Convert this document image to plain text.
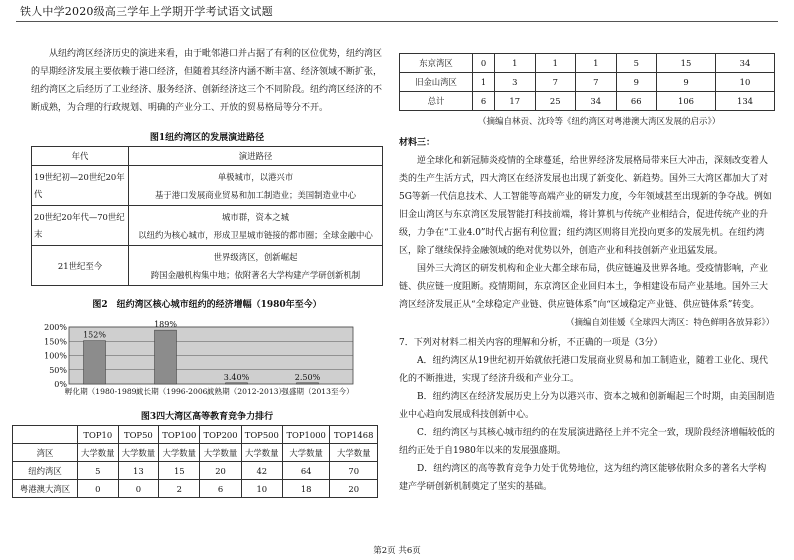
铁人中学2020级高三学年上学期开学考试语文试题
从纽约湾区经济历史的演进来看，由于毗邻港口并占据了有利的区位优势，纽约湾区的早期经济发展主要依赖于港口经济，但随着其经济内涵不断丰富、经济领域不断扩张，纽约湾区之后经历了工业经济、服务经济、创新经济这三个不同阶段。纽约湾区经济的不断成熟，为合理的行政规划、明确的产业分工、开放的贸易格局等分不开。
图1纽约湾区的发展演进路径
年代	演进路径
19世纪初—20世纪20年代	单极城市，以港兴市
基于港口发展商业贸易和加工制造业；美国制造业中心

20世纪20年代—70世纪末	城市群，资本之城
以纽约为核心城市，形成卫星城市链接的都市圈；全球金融中心

21世纪至今	世界级湾区，创新崛起
跨国金融机构集中地；依附著名大学构建产学研创新机制
图2　纽约湾区核心城市纽约的经济增幅（1980年至今）
0%
50%
100%
150%
200%
152%
孵化期（1980-1989）
189%
成长期（1996-2006）
3.40%
成熟期（2012-2013）
2.50%
强盛期（2013至今）
图3四大湾区高等教育竞争力排行
	TOP10	TOP50	TOP100	TOP200	TOP500	TOP1000	TOP1468
湾区	大学数量	大学数量	大学数量	大学数量	大学数量	大学数量	大学数量
纽约湾区	5	13	15	20	42	64	70
粤港澳大湾区	0	0	2	6	10	18	20
东京湾区	0	1	1	1	5	15	34
旧金山湾区	1	3	7	7	9	9	10
总计	6	17	25	34	66	106	134
（摘编自林贡、沈玲等《纽约湾区对粤港澳大湾区发展的启示》）
材料三：
逆全球化和新冠肺炎疫情的全球蔓延，给世界经济发展格局带来巨大冲击，深刻改变着人类的生产生活方式，四大湾区在经济发展也出现了新变化、新趋势。国外三大湾区都加大了对5G等新一代信息技术、人工智能等高端产业的研发力度，今年领域甚至出现新的争夺战。例如旧金山湾区与东京湾区发展智能打科技前端，将计算机与传统产业相结合，促进传统产业的升级，力争在“工业4.0”时代占据有利位置；纽约湾区则将目光投向更多的发展先机。在纽约湾区，除了继续保持金融领域的绝对优势以外，创造产业和科技创新产业迅猛发展。
国外三大湾区的研发机构和企业大都全球布局，供应链遍及世界各地。受疫情影响，产业链、供应链一度阻断。疫情期间，东京湾区企业回归本土，争相建设布局产业基地。国外三大湾区经济发展正从“全球稳定产业链、供应链体系”向“区域稳定产业链、供应链体系”转变。
（摘编自刘佳媛《全球四大湾区：特色鲜明各放异彩》）
7．下列对材料二相关内容的理解和分析，不正确的一项是（3分）
A．纽约湾区从19世纪初开始就依托港口发展商业贸易和加工制造业，随着工业化、现代化的不断推进，实现了经济升级和产业分工。
B．纽约湾区在经济发展历史上分为以港兴市、资本之城和创新崛起三个时期，由美国制造业中心趋向发展成科技创新中心。
C．纽约湾区与其核心城市纽约的在发展演进路径上并不完全一致，现阶段经济增幅较低的纽约正处于自1980年以来的发展强盛期。
D．纽约湾区的高等教育竞争力处于优势地位，这为纽约湾区能够依附众多的著名大学构建产学研创新机制奠定了坚实的基础。
第2页 共6页
